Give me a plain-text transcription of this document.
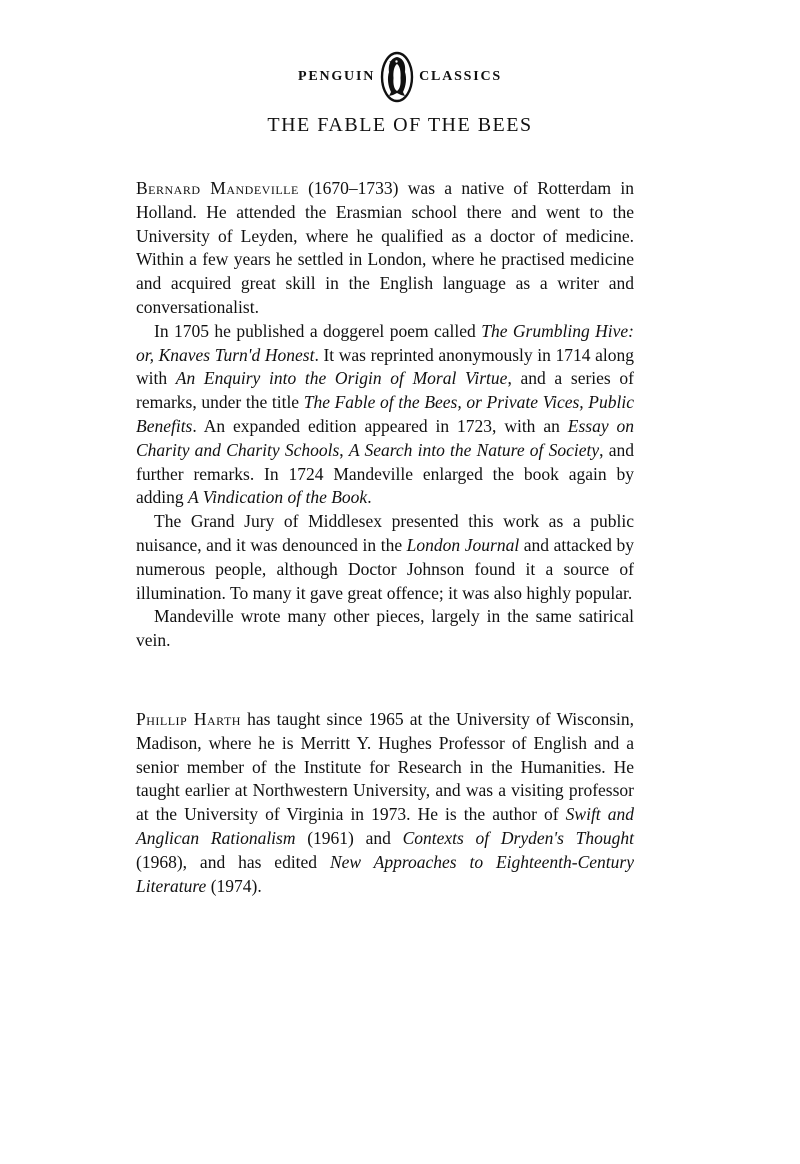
PENGUIN	CLASSICS
THE FABLE OF THE BEES

Bernard Mandeville (1670–1733) was a native of Rotterdam in Holland. He attended the Erasmian school there and went to the University of Leyden, where he qualified as a doctor of medicine. Within a few years he settled in London, where he practised medicine and acquired great skill in the English language as a writer and conversationalist.

In 1705 he published a doggerel poem called The Grumbling Hive: or, Knaves Turn'd Honest. It was reprinted anonymously in 1714 along with An Enquiry into the Origin of Moral Virtue, and a series of remarks, under the title The Fable of the Bees, or Private Vices, Public Benefits. An expanded edition appeared in 1723, with an Essay on Charity and Charity Schools, A Search into the Nature of Society, and further remarks. In 1724 Mandeville enlarged the book again by adding A Vindication of the Book.

The Grand Jury of Middlesex presented this work as a public nuisance, and it was denounced in the London Journal and attacked by numerous people, although Doctor Johnson found it a source of illumination. To many it gave great offence; it was also highly popular.

Mandeville wrote many other pieces, largely in the same satirical vein.

Phillip Harth has taught since 1965 at the University of Wisconsin, Madison, where he is Merritt Y. Hughes Professor of English and a senior member of the Institute for Research in the Humanities. He taught earlier at Northwestern University, and was a visiting professor at the University of Virginia in 1973. He is the author of Swift and Anglican Rationalism (1961) and Contexts of Dryden's Thought (1968), and has edited New Approaches to Eighteenth-Century Literature (1974).
